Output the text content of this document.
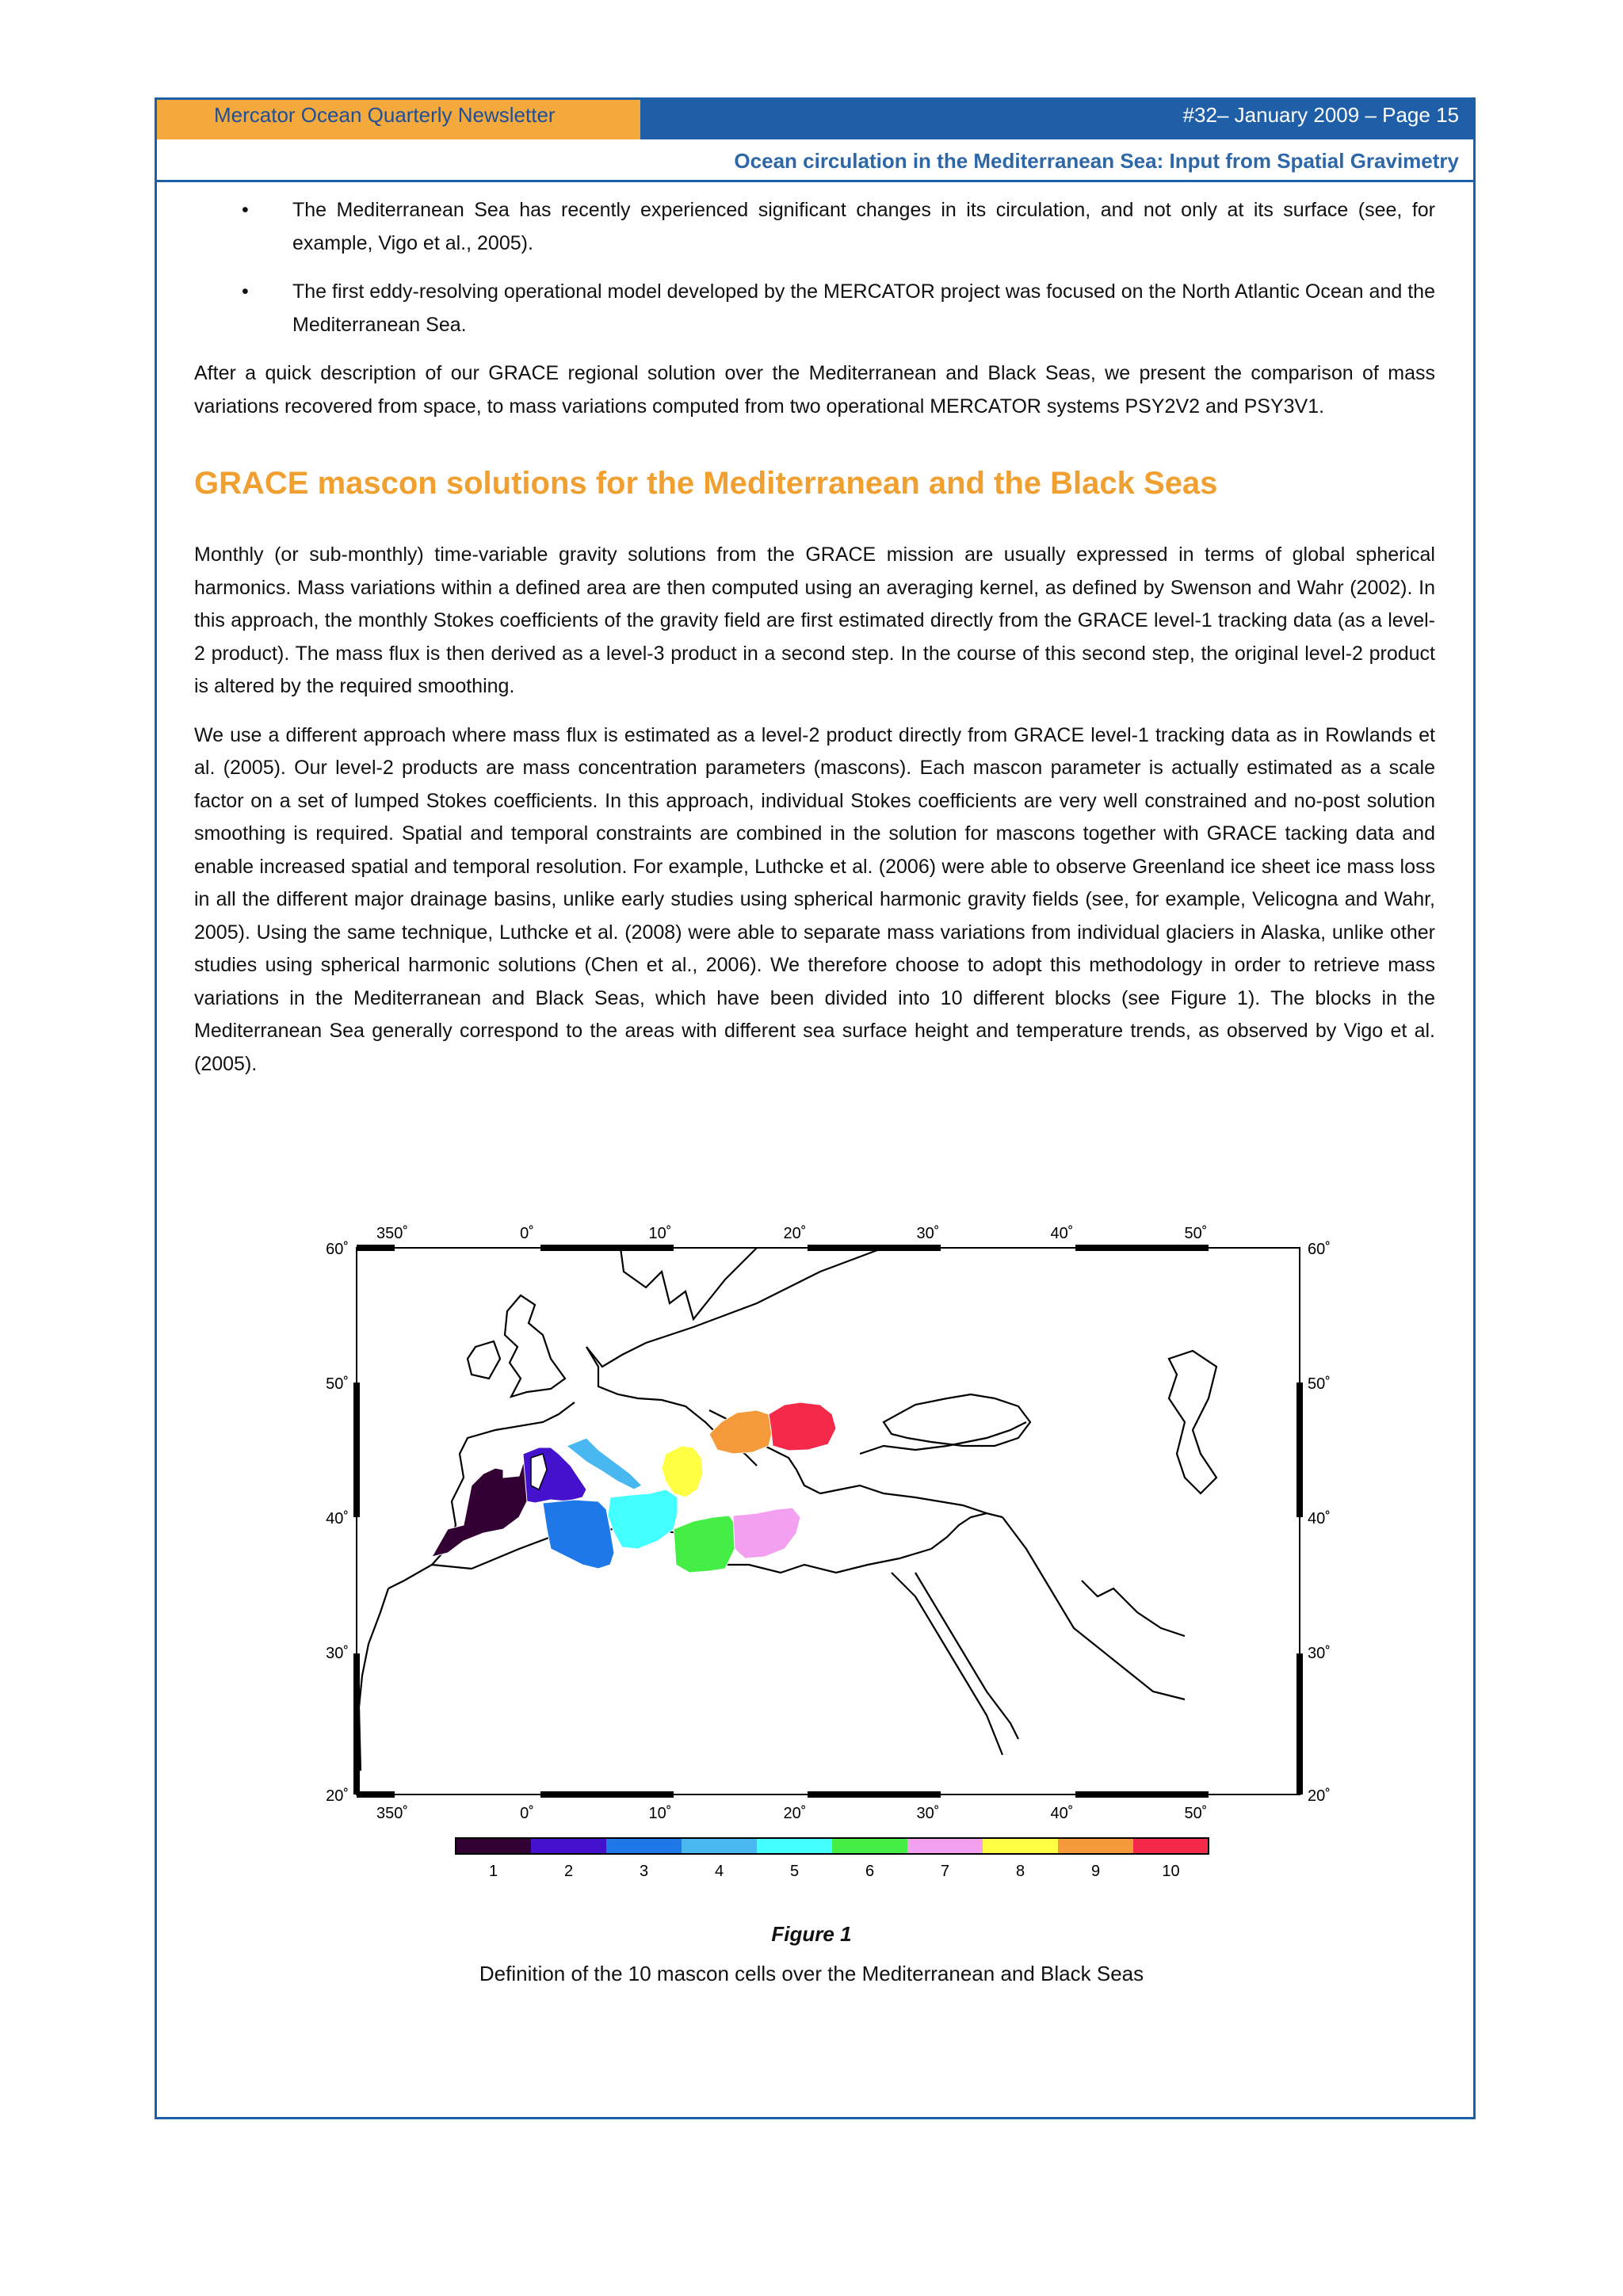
Mercator Ocean Quarterly Newsletter	#32– January 2009 – Page 15
Ocean circulation in the Mediterranean Sea: Input from Spatial Gravimetry
• The Mediterranean Sea has recently experienced significant changes in its circulation, and not only at its surface (see, for example, Vigo et al., 2005).
• The first eddy-resolving operational model developed by the MERCATOR project was focused on the North Atlantic Ocean and the Mediterranean Sea.

After a quick description of our GRACE regional solution over the Mediterranean and Black Seas, we present the comparison of mass variations recovered from space, to mass variations computed from two operational MERCATOR systems PSY2V2 and PSY3V1.

GRACE mascon solutions for the Mediterranean and the Black Seas

Monthly (or sub-monthly) time-variable gravity solutions from the GRACE mission are usually expressed in terms of global spherical harmonics. Mass variations within a defined area are then computed using an averaging kernel, as defined by Swenson and Wahr (2002). In this approach, the monthly Stokes coefficients of the gravity field are first estimated directly from the GRACE level-1 tracking data (as a level-2 product). The mass flux is then derived as a level-3 product in a second step. In the course of this second step, the original level-2 product is altered by the required smoothing.

We use a different approach where mass flux is estimated as a level-2 product directly from GRACE level-1 tracking data as in Rowlands et al. (2005). Our level-2 products are mass concentration parameters (mascons). Each mascon parameter is actually estimated as a scale factor on a set of lumped Stokes coefficients. In this approach, individual Stokes coefficients are very well constrained and no-post solution smoothing is required. Spatial and temporal constraints are combined in the solution for mascons together with GRACE tacking data and enable increased spatial and temporal resolution. For example, Luthcke et al. (2006) were able to observe Greenland ice sheet ice mass loss in all the different major drainage basins, unlike early studies using spherical harmonic gravity fields (see, for example, Velicogna and Wahr, 2005). Using the same technique, Luthcke et al. (2008) were able to separate mass variations from individual glaciers in Alaska, unlike other studies using spherical harmonic solutions (Chen et al., 2006). We therefore choose to adopt this methodology in order to retrieve mass variations in the Mediterranean and Black Seas, which have been divided into 10 different blocks (see Figure 1). The blocks in the Mediterranean Sea generally correspond to the areas with different sea surface height and temperature trends, as observed by Vigo et al. (2005).

350˚	0˚	10˚	20˚	30˚	40˚	50˚
350˚	0˚	10˚	20˚	30˚	40˚	50˚
60˚
50˚
40˚
30˚
20˚
60˚
50˚
40˚
30˚
20˚
1	2	3	4	5	6	7	8	9	10
Figure 1
Definition of the 10 mascon cells over the Mediterranean and Black Seas
